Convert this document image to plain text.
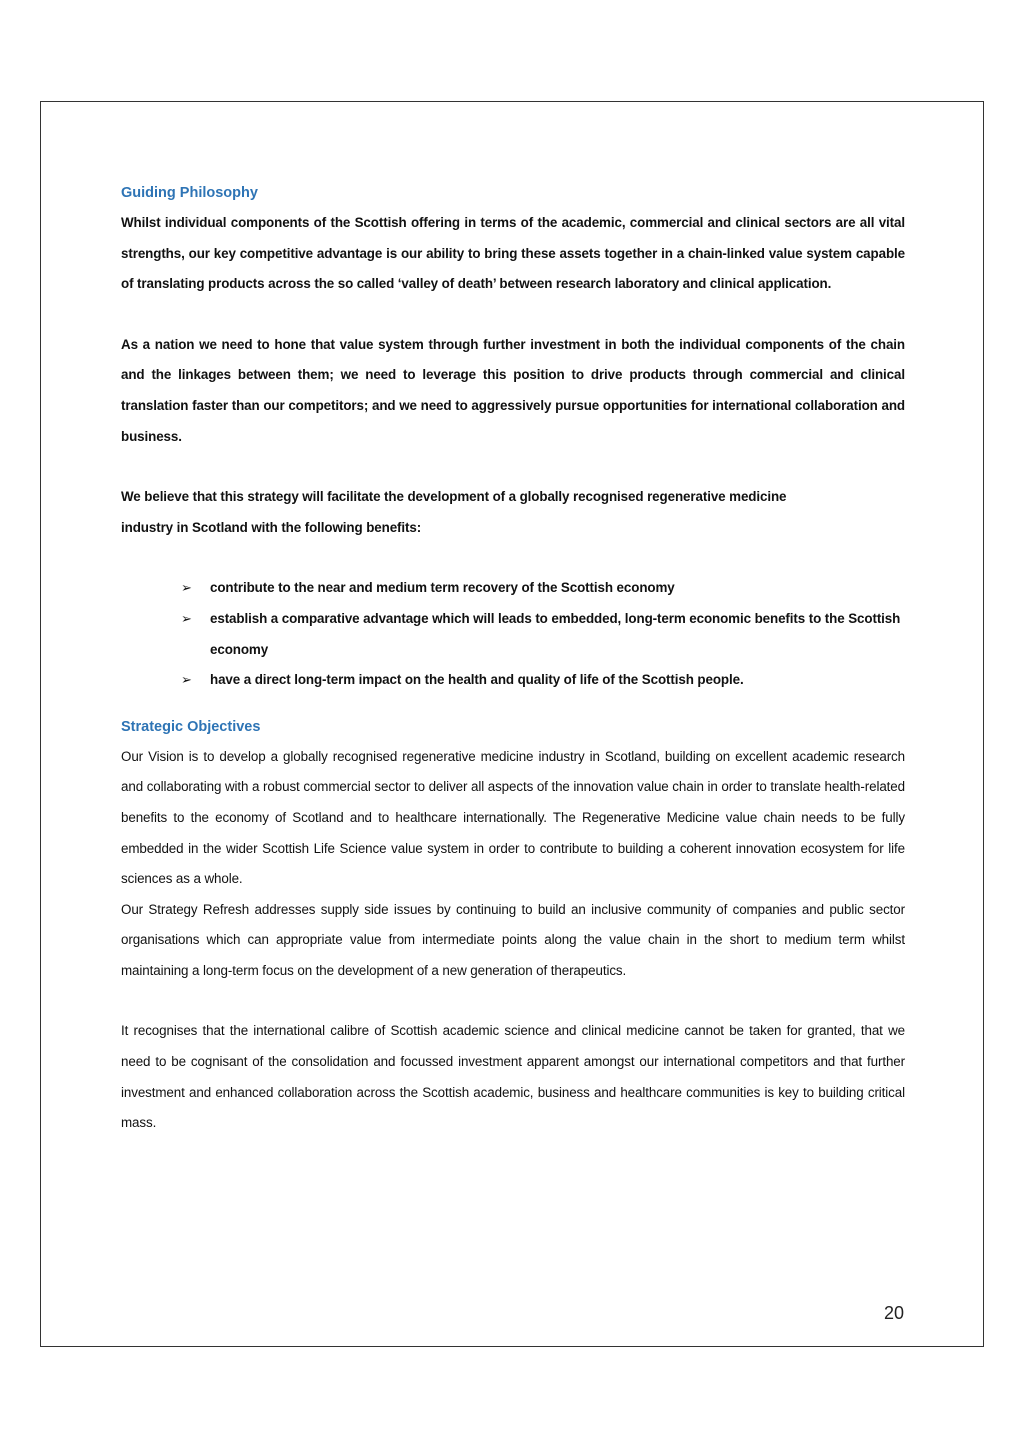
Guiding Philosophy

Whilst individual components of the Scottish offering in terms of the academic, commercial and clinical sectors are all vital strengths, our key competitive advantage is our ability to bring these assets together in a chain-linked value system capable of translating products across the so called ‘valley of death’ between research laboratory and clinical application.

As a nation we need to hone that value system through further investment in both the individual components of the chain and the linkages between them; we need to leverage this position to drive products through commercial and clinical translation faster than our competitors; and we need to aggressively pursue opportunities for international collaboration and business.

We believe that this strategy will facilitate the development of a globally recognised regenerative medicine
industry in Scotland with the following benefits:

➢ contribute to the near and medium term recovery of the Scottish economy
➢ establish a comparative advantage which will leads to embedded, long-term economic benefits to the Scottish economy
➢ have a direct long-term impact on the health and quality of life of the Scottish people.
Strategic Objectives

Our Vision is to develop a globally recognised regenerative medicine industry in Scotland, building on excellent academic research and collaborating with a robust commercial sector to deliver all aspects of the innovation value chain in order to translate health-related benefits to the economy of Scotland and to healthcare internationally. The Regenerative Medicine value chain needs to be fully embedded in the wider Scottish Life Science value system in order to contribute to building a coherent innovation ecosystem for life sciences as a whole.

Our Strategy Refresh addresses supply side issues by continuing to build an inclusive community of companies and public sector organisations which can appropriate value from intermediate points along the value chain in the short to medium term whilst maintaining a long-term focus on the development of a new generation of therapeutics.

It recognises that the international calibre of Scottish academic science and clinical medicine cannot be taken for granted, that we need to be cognisant of the consolidation and focussed investment apparent amongst our international competitors and that further investment and enhanced collaboration across the Scottish academic, business and healthcare communities is key to building critical mass.

20
